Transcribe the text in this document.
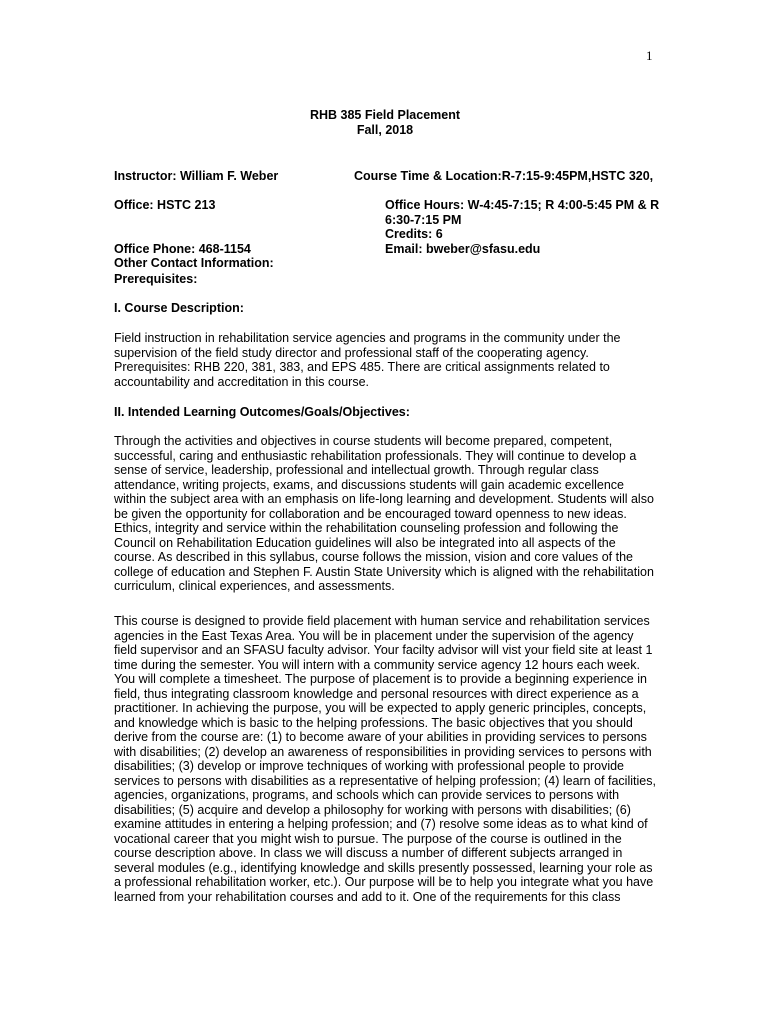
1
RHB 385 Field Placement
Fall, 2018
Instructor: William F. Weber
Office: HSTC 213
Office Phone: 468-1154
Other Contact Information:
Course Time & Location:R-7:15-9:45PM,HSTC 320,
Office Hours: W-4:45-7:15; R 4:00-5:45 PM & R 6:30-7:15 PM
Credits: 6
Email: bweber@sfasu.edu
Prerequisites:
I. Course Description:
Field instruction in rehabilitation service agencies and programs in the community under the supervision of the field study director and professional staff of the cooperating agency. Prerequisites: RHB 220, 381, 383, and EPS 485. There are critical assignments related to accountability and accreditation in this course.
II. Intended Learning Outcomes/Goals/Objectives:
Through the activities and objectives in course students will become prepared, competent, successful, caring and enthusiastic rehabilitation professionals. They will continue to develop a sense of service, leadership, professional and intellectual growth. Through regular class attendance, writing projects, exams, and discussions students will gain academic excellence within the subject area with an emphasis on life-long learning and development. Students will also be given the opportunity for collaboration and be encouraged toward openness to new ideas. Ethics, integrity and service within the rehabilitation counseling profession and following the Council on Rehabilitation Education guidelines will also be integrated into all aspects of the course. As described in this syllabus, course follows the mission, vision and core values of the college of education and Stephen F. Austin State University which is aligned with the rehabilitation curriculum, clinical experiences, and assessments.
This course is designed to provide field placement with human service and rehabilitation services agencies in the East Texas Area. You will be in placement under the supervision of the agency field supervisor and an SFASU faculty advisor. Your facilty advisor will vist your field site at least 1 time during the semester. You will intern with a community service agency 12 hours each week. You will complete a timesheet. The purpose of placement is to provide a beginning experience in field, thus integrating classroom knowledge and personal resources with direct experience as a practitioner. In achieving the purpose, you will be expected to apply generic principles, concepts, and knowledge which is basic to the helping professions. The basic objectives that you should derive from the course are: (1) to become aware of your abilities in providing services to persons with disabilities; (2) develop an awareness of responsibilities in providing services to persons with disabilities; (3) develop or improve techniques of working with professional people to provide services to persons with disabilities as a representative of helping profession; (4) learn of facilities, agencies, organizations, programs, and schools which can provide services to persons with disabilities; (5) acquire and develop a philosophy for working with persons with disabilities; (6) examine attitudes in entering a helping profession; and (7) resolve some ideas as to what kind of vocational career that you might wish to pursue. The purpose of the course is outlined in the course description above. In class we will discuss a number of different subjects arranged in several modules (e.g., identifying knowledge and skills presently possessed, learning your role as a professional rehabilitation worker, etc.). Our purpose will be to help you integrate what you have learned from your rehabilitation courses and add to it. One of the requirements for this class
